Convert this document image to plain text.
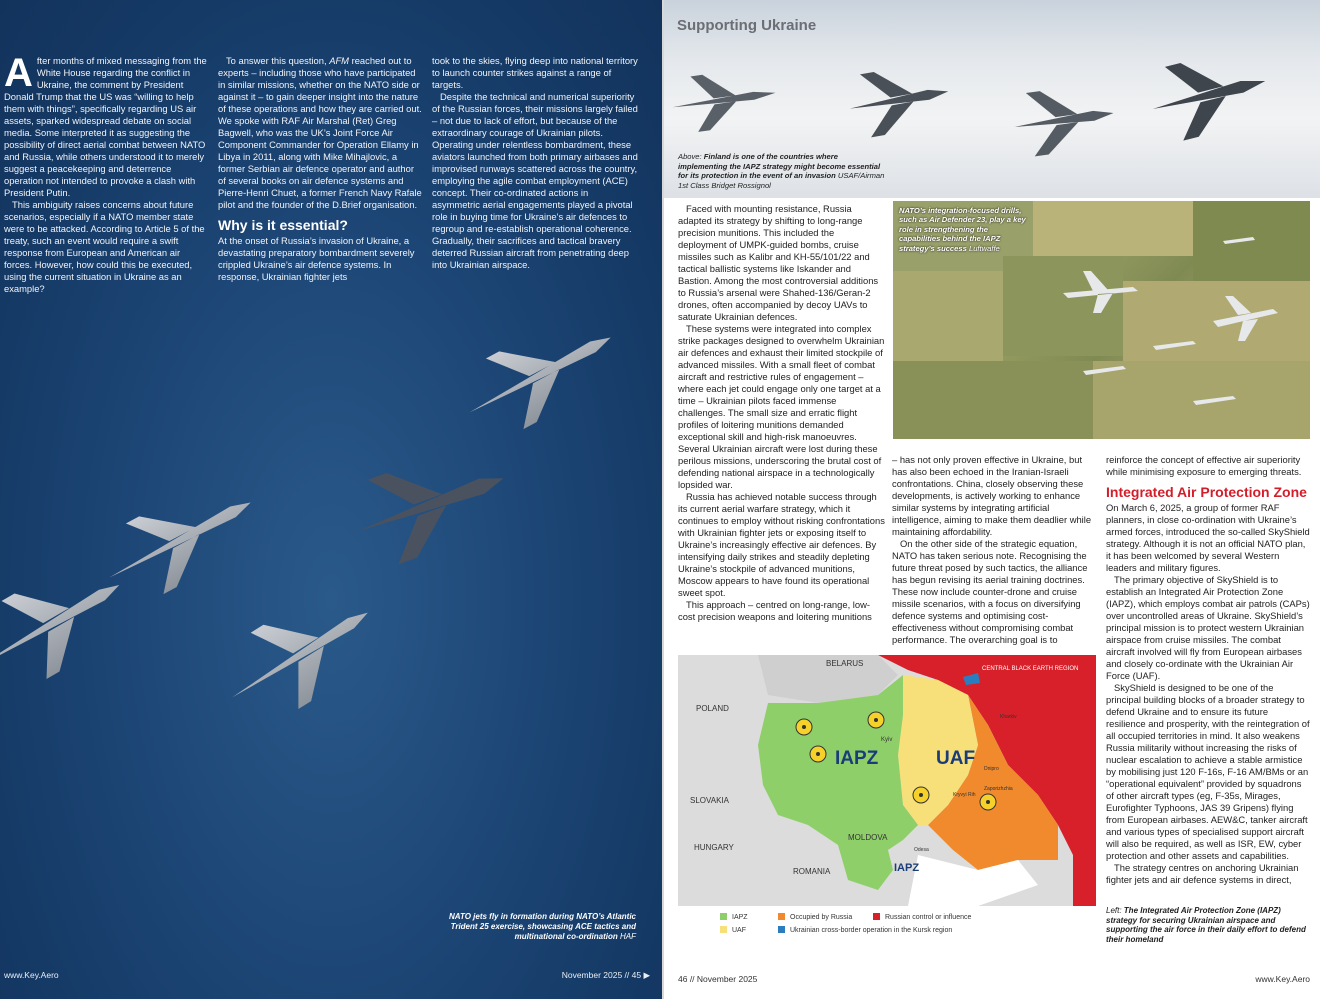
A fter months of mixed messaging from the White House regarding the conflict in Ukraine, the comment by President Donald Trump that the US was “willing to help them with things”, specifically regarding US air assets, sparked widespread debate on social media. Some interpreted it as suggesting the possibility of direct aerial combat between NATO and Russia, while others understood it to merely suggest a peacekeeping and deterrence operation not intended to provoke a clash with President Putin.

This ambiguity raises concerns about future scenarios, especially if a NATO member state were to be attacked. According to Article 5 of the treaty, such an event would require a swift response from European and American air forces. However, how could this be executed, using the current situation in Ukraine as an example?

To answer this question, AFM reached out to experts – including those who have participated in similar missions, whether on the NATO side or against it – to gain deeper insight into the nature of these operations and how they are carried out. We spoke with RAF Air Marshal (Ret) Greg Bagwell, who was the UK’s Joint Force Air Component Commander for Operation Ellamy in Libya in 2011, along with Mike Mihajlovic, a former Serbian air defence operator and author of several books on air defence systems and Pierre-Henri Chuet, a former French Navy Rafale pilot and the founder of the D.Brief organisation.

Why is it essential?

At the onset of Russia’s invasion of Ukraine, a devastating preparatory bombardment severely crippled Ukraine’s air defence systems. In response, Ukrainian fighter jets

took to the skies, flying deep into national territory to launch counter strikes against a range of targets.

Despite the technical and numerical superiority of the Russian forces, their missions largely failed – not due to lack of effort, but because of the extraordinary courage of Ukrainian pilots. Operating under relentless bombardment, these aviators launched from both primary airbases and improvised runways scattered across the country, employing the agile combat employment (ACE) concept. Their co-ordinated actions in asymmetric aerial engagements played a pivotal role in buying time for Ukraine’s air defences to regroup and re-establish operational coherence. Gradually, their sacrifices and tactical bravery deterred Russian aircraft from penetrating deep into Ukrainian airspace.

NATO jets fly in formation during NATO’s Atlantic Trident 25 exercise, showcasing ACE tactics and multinational co-ordination HAF
www.Key.Aero	November 2025 // 45 ▶
Supporting Ukraine
Above: Finland is one of the countries where implementing the IAPZ strategy might become essential for its protection in the event of an invasion USAF/Airman 1st Class Bridget Rossignol

Faced with mounting resistance, Russia adapted its strategy by shifting to long-range precision munitions. This included the deployment of UMPK-guided bombs, cruise missiles such as Kalibr and KH-55/101/22 and tactical ballistic systems like Iskander and Bastion. Among the most controversial additions to Russia’s arsenal were Shahed-136/Geran-2 drones, often accompanied by decoy UAVs to saturate Ukrainian defences.

These systems were integrated into complex strike packages designed to overwhelm Ukrainian air defences and exhaust their limited stockpile of advanced missiles. With a small fleet of combat aircraft and restrictive rules of engagement – where each jet could engage only one target at a time – Ukrainian pilots faced immense challenges. The small size and erratic flight profiles of loitering munitions demanded exceptional skill and high-risk manoeuvres. Several Ukrainian aircraft were lost during these perilous missions, underscoring the brutal cost of defending national airspace in a technologically lopsided war.

Russia has achieved notable success through its current aerial warfare strategy, which it continues to employ without risking confrontations with Ukrainian fighter jets or exposing itself to Ukraine’s increasingly effective air defences. By intensifying daily strikes and steadily depleting Ukraine’s stockpile of advanced munitions, Moscow appears to have found its operational sweet spot.

This approach – centred on long-range, low-cost precision weapons and loitering munitions

NATO’s integration-focused drills, such as Air Defender 23, play a key role in strengthening the capabilities behind the IAPZ strategy’s success Luftwaffe

– has not only proven effective in Ukraine, but has also been echoed in the Iranian-Israeli confrontations. China, closely observing these developments, is actively working to enhance similar systems by integrating artificial intelligence, aiming to make them deadlier while maintaining affordability.

On the other side of the strategic equation, NATO has taken serious note. Recognising the future threat posed by such tactics, the alliance has begun revising its aerial training doctrines. These now include counter-drone and cruise missile scenarios, with a focus on diversifying defence systems and optimising cost-effectiveness without compromising combat performance. The overarching goal is to

reinforce the concept of effective air superiority while minimising exposure to emerging threats.

Integrated Air Protection Zone

On March 6, 2025, a group of former RAF planners, in close co-ordination with Ukraine’s armed forces, introduced the so-called SkyShield strategy. Although it is not an official NATO plan, it has been welcomed by several Western leaders and military figures.

The primary objective of SkyShield is to establish an Integrated Air Protection Zone (IAPZ), which employs combat air patrols (CAPs) over uncontrolled areas of Ukraine. SkyShield’s principal mission is to protect western Ukrainian airspace from cruise missiles. The combat aircraft involved will fly from European airbases and closely co-ordinate with the Ukrainian Air Force (UAF).

SkyShield is designed to be one of the principal building blocks of a broader strategy to defend Ukraine and to ensure its future resilience and prosperity, with the reintegration of all occupied territories in mind. It also weakens Russia militarily without increasing the risks of nuclear escalation to achieve a stable armistice by mobilising just 120 F-16s, F-16 AM/BMs or an “operational equivalent” provided by squadrons of other aircraft types (eg, F-35s, Mirages, Eurofighter Typhoons, JAS 39 Gripens) flying from European airbases. AEW&C, tanker aircraft and various types of specialised support aircraft will also be required, as well as ISR, EW, cyber protection and other assets and capabilities.

The strategy centres on anchoring Ukrainian fighter jets and air defence systems in direct,

BELARUS
CENTRAL BLACK EARTH REGION
POLAND
SLOVAKIA
HUNGARY
MOLDOVA
ROMANIA
IAPZ	UAF
IAPZ
Kyiv
Kharkiv
Dnipro
Zaporizhzhia
Kryvyi Rih
Odesa
IAPZ
UAF
Occupied by Russia	Russian control or influence
Ukrainian cross-border operation in the Kursk region
Left: The Integrated Air Protection Zone (IAPZ) strategy for securing Ukrainian airspace and supporting the air force in their daily effort to defend their homeland
46 // November 2025	www.Key.Aero
